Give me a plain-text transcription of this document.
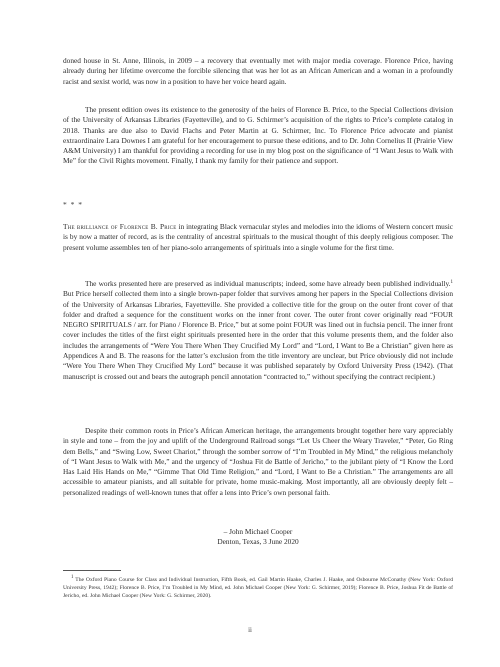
doned house in St. Anne, Illinois, in 2009 – a recovery that eventually met with major media coverage. Florence Price, having already during her lifetime overcome the forcible silencing that was her lot as an African American and a woman in a profoundly racist and sexist world, was now in a position to have her voice heard again.

The present edition owes its existence to the generosity of the heirs of Florence B. Price, to the Special Collections division of the University of Arkansas Libraries (Fayetteville), and to G. Schirmer’s acquisition of the rights to Price’s complete catalog in 2018. Thanks are due also to David Flachs and Peter Martin at G. Schirmer, Inc. To Florence Price advocate and pianist extraordinaire Lara Downes I am grateful for her encouragement to pursue these editions, and to Dr. John Cornelius II (Prairie View A&M University) I am thankful for providing a recording for use in my blog post on the significance of “I Want Jesus to Walk with Me” for the Civil Rights movement. Finally, I thank my family for their patience and support.

* * *

The brilliance of Florence B. Price in integrating Black vernacular styles and melodies into the idioms of Western concert music is by now a matter of record, as is the centrality of ancestral spirituals to the musical thought of this deeply religious composer. The present volume assembles ten of her piano-solo arrangements of spirituals into a single volume for the first time.

The works presented here are preserved as individual manuscripts; indeed, some have already been published individually.$^1$ But Price herself collected them into a single brown-paper folder that survives among her papers in the Special Collections division of the University of Arkansas Libraries, Fayetteville. She provided a collective title for the group on the outer front cover of that folder and drafted a sequence for the constituent works on the inner front cover. The outer front cover originally read “FOUR NEGRO SPIRITUALS / arr. for Piano / Florence B. Price,” but at some point FOUR was lined out in fuchsia pencil. The inner front cover includes the titles of the first eight spirituals presented here in the order that this volume presents them, and the folder also includes the arrangements of “Were You There When They Crucified My Lord” and “Lord, I Want to Be a Christian” given here as Appendices A and B. The reasons for the latter’s exclusion from the title inventory are unclear, but Price obviously did not include “Were You There When They Crucified My Lord” because it was published separately by Oxford University Press (1942). (That manuscript is crossed out and bears the autograph pencil annotation “contracted to,” without specifying the contract recipient.)

Despite their common roots in Price’s African American heritage, the arrangements brought together here vary appreciably in style and tone – from the joy and uplift of the Underground Railroad songs “Let Us Cheer the Weary Traveler,” “Peter, Go Ring dem Bells,” and “Swing Low, Sweet Chariot,” through the somber sorrow of “I’m Troubled in My Mind,” the religious melancholy of “I Want Jesus to Walk with Me,” and the urgency of “Joshua Fit de Battle of Jericho,” to the jubilant piety of “I Know the Lord Has Laid His Hands on Me,” “Gimme That Old Time Religion,” and “Lord, I Want to Be a Christian.” The arrangements are all accessible to amateur pianists, and all suitable for private, home music-making. Most importantly, all are obviously deeply felt – personalized readings of well-known tunes that offer a lens into Price’s own personal faith.

– John Michael Cooper

Denton, Texas, 3 June 2020

$^1$ The Oxford Piano Course for Class and Individual Instruction, Fifth Book, ed. Gail Martin Haake, Charles J. Haake, and Osbourne McConathy (New York: Oxford University Press, 1942); Florence B. Price, I’m Troubled in My Mind, ed. John Michael Cooper (New York: G. Schirmer, 2019); Florence B. Price, Joshua Fit de Battle of Jericho, ed. John Michael Cooper (New York: G. Schirmer, 2020).

ii
